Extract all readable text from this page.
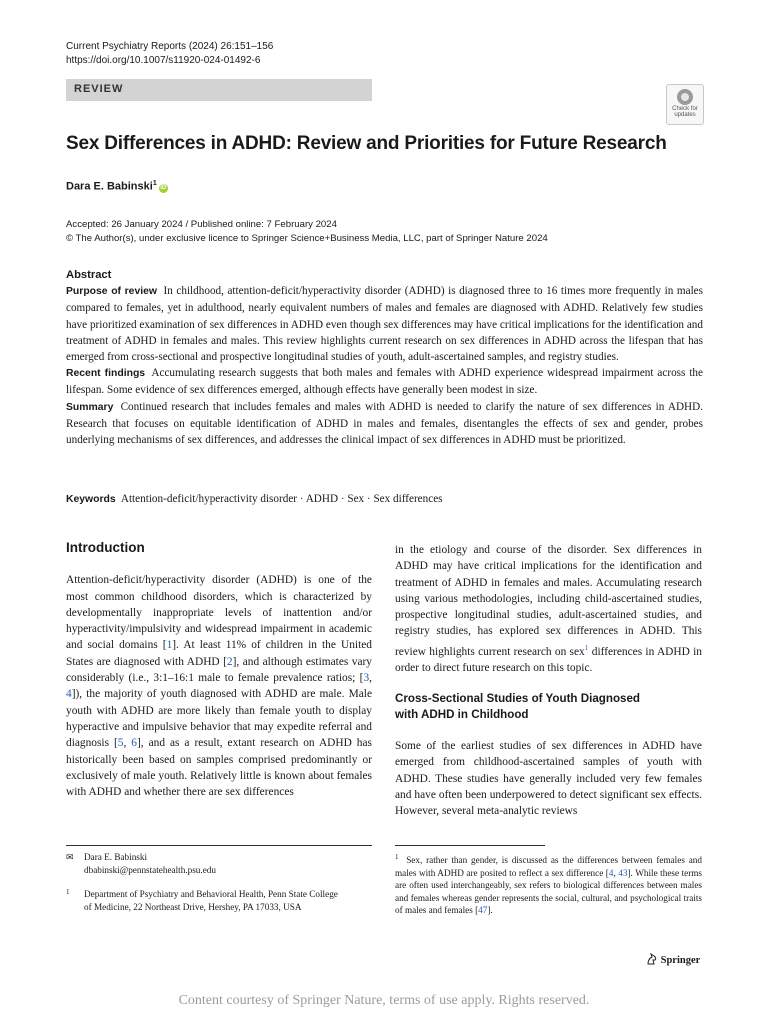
Current Psychiatry Reports (2024) 26:151–156
https://doi.org/10.1007/s11920-024-01492-6
REVIEW
Check for updates
Sex Differences in ADHD: Review and Priorities for Future Research
Dara E. Babinski$^1$iD
Accepted: 26 January 2024 / Published online: 7 February 2024
© The Author(s), under exclusive licence to Springer Science+Business Media, LLC, part of Springer Nature 2024
Abstract

Purpose of review In childhood, attention-deficit/hyperactivity disorder (ADHD) is diagnosed three to 16 times more frequently in males compared to females, yet in adulthood, nearly equivalent numbers of males and females are diagnosed with ADHD. Relatively few studies have prioritized examination of sex differences in ADHD even though sex differences may have critical implications for the identification and treatment of ADHD in females and males. This review highlights current research on sex differences in ADHD across the lifespan that has emerged from cross-sectional and prospective longitudinal studies of youth, adult-ascertained samples, and registry studies.

Recent findings Accumulating research suggests that both males and females with ADHD experience widespread impairment across the lifespan. Some evidence of sex differences emerged, although effects have generally been modest in size.

Summary Continued research that includes females and males with ADHD is needed to clarify the nature of sex differences in ADHD. Research that focuses on equitable identification of ADHD in males and females, disentangles the effects of sex and gender, probes underlying mechanisms of sex differences, and addresses the clinical impact of sex differences in ADHD must be prioritized.

Keywords Attention-deficit/hyperactivity disorder · ADHD · Sex · Sex differences
Introduction

Attention-deficit/hyperactivity disorder (ADHD) is one of the most common childhood disorders, which is characterized by developmentally inappropriate levels of inattention and/or hyperactivity/impulsivity and widespread impairment in academic and social domains [1]. At least 11% of children in the United States are diagnosed with ADHD [2], and although estimates vary considerably (i.e., 3:1–16:1 male to female prevalence ratios; [3, 4]), the majority of youth diagnosed with ADHD are male. Male youth with ADHD are more likely than female youth to display hyperactive and impulsive behavior that may expedite referral and diagnosis [5, 6], and as a result, extant research on ADHD has historically been based on samples comprised predominantly or exclusively of male youth. Relatively little is known about females with ADHD and whether there are sex differences

in the etiology and course of the disorder. Sex differences in ADHD may have critical implications for the identification and treatment of ADHD in females and males. Accumulating research using various methodologies, including child-ascertained studies, prospective longitudinal studies, adult-ascertained studies, and registry studies, has explored sex differences in ADHD. This review highlights current research on sex$^1$ differences in ADHD in order to direct future research on this topic.

Cross-Sectional Studies of Youth Diagnosed with ADHD in Childhood

Some of the earliest studies of sex differences in ADHD have emerged from childhood-ascertained samples of youth with ADHD. These studies have generally included very few females and have often been underpowered to detect significant sex effects. However, several meta-analytic reviews

✉ Dara E. Babinski
dbabinski@pennstatehealth.psu.edu
1 Department of Psychiatry and Behavioral Health, Penn State College of Medicine, 22 Northeast Drive, Hershey, PA 17033, USA
$^1$ Sex, rather than gender, is discussed as the differences between females and males with ADHD are posited to reflect a sex difference [4, 43]. While these terms are often used interchangeably, sex refers to biological differences between males and females whereas gender represents the social, cultural, and psychological traits of males and females [47].
Springer
Content courtesy of Springer Nature, terms of use apply. Rights reserved.
